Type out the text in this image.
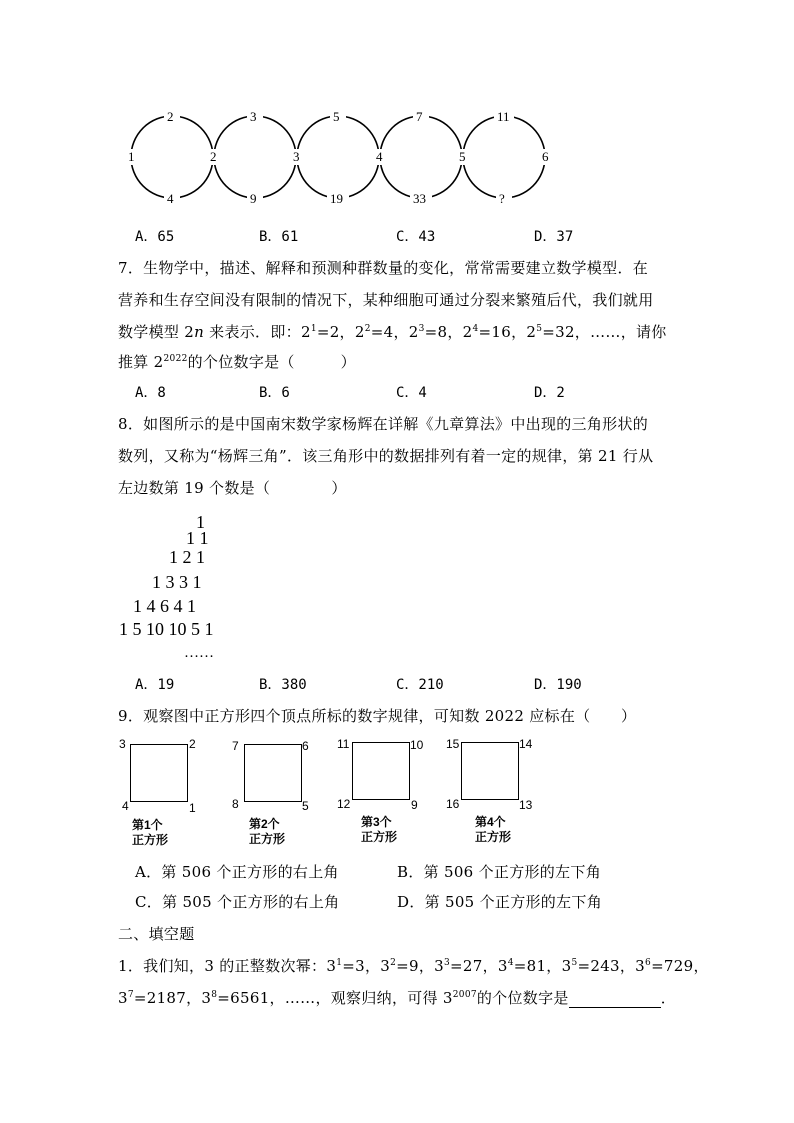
2	3	5	7	11
1	2	3	4	5	6
4	9	19	33	?
A．65	B．61	C．43	D．37
7．生物学中，描述、解释和预测种群数量的变化，常常需要建立数学模型．在
营养和生存空间没有限制的情况下，某种细胞可通过分裂来繁殖后代，我们就用
数学模型 2n 来表示．即：$2^1=2$，$2^2=4$，$2^3=8$，$2^4=16$，$2^5=32$，……，请你
推算 $2^{2022}$的个位数字是（　　　）
A．8	B．6	C．4	D．2
8．如图所示的是中国南宋数学家杨辉在详解《九章算法》中出现的三角形状的
数列，又称为“杨辉三角”．该三角形中的数据排列有着一定的规律，第 21 行从
左边数第 19 个数是（　　　　）
1
1 1
1 2 1
1 3 3 1
1 4 6 4 1
1 5 10 10 5 1
……
A．19	B．380	C．210	D．190
9．观察图中正方形四个顶点所标的数字规律，可知数 2022 应标在（　　）
3	2
4	1
第1个
正方形
7	6
8	5
第2个
正方形
11	10
12	9
第3个
正方形
15	14
16	13
第4个
正方形
A．第 506 个正方形的右上角	B．第 506 个正方形的左下角
C．第 505 个正方形的右上角	D．第 505 个正方形的左下角
二、填空题
1．我们知，3 的正整数次幂：$3^1=3$，$3^2=9$，$3^3=27$，$3^4=81$，$3^5=243$，$3^6=729$，
$3^7=2187$，$3^8=6561$，……，观察归纳，可得 $3^{2007}$的个位数字是	．
